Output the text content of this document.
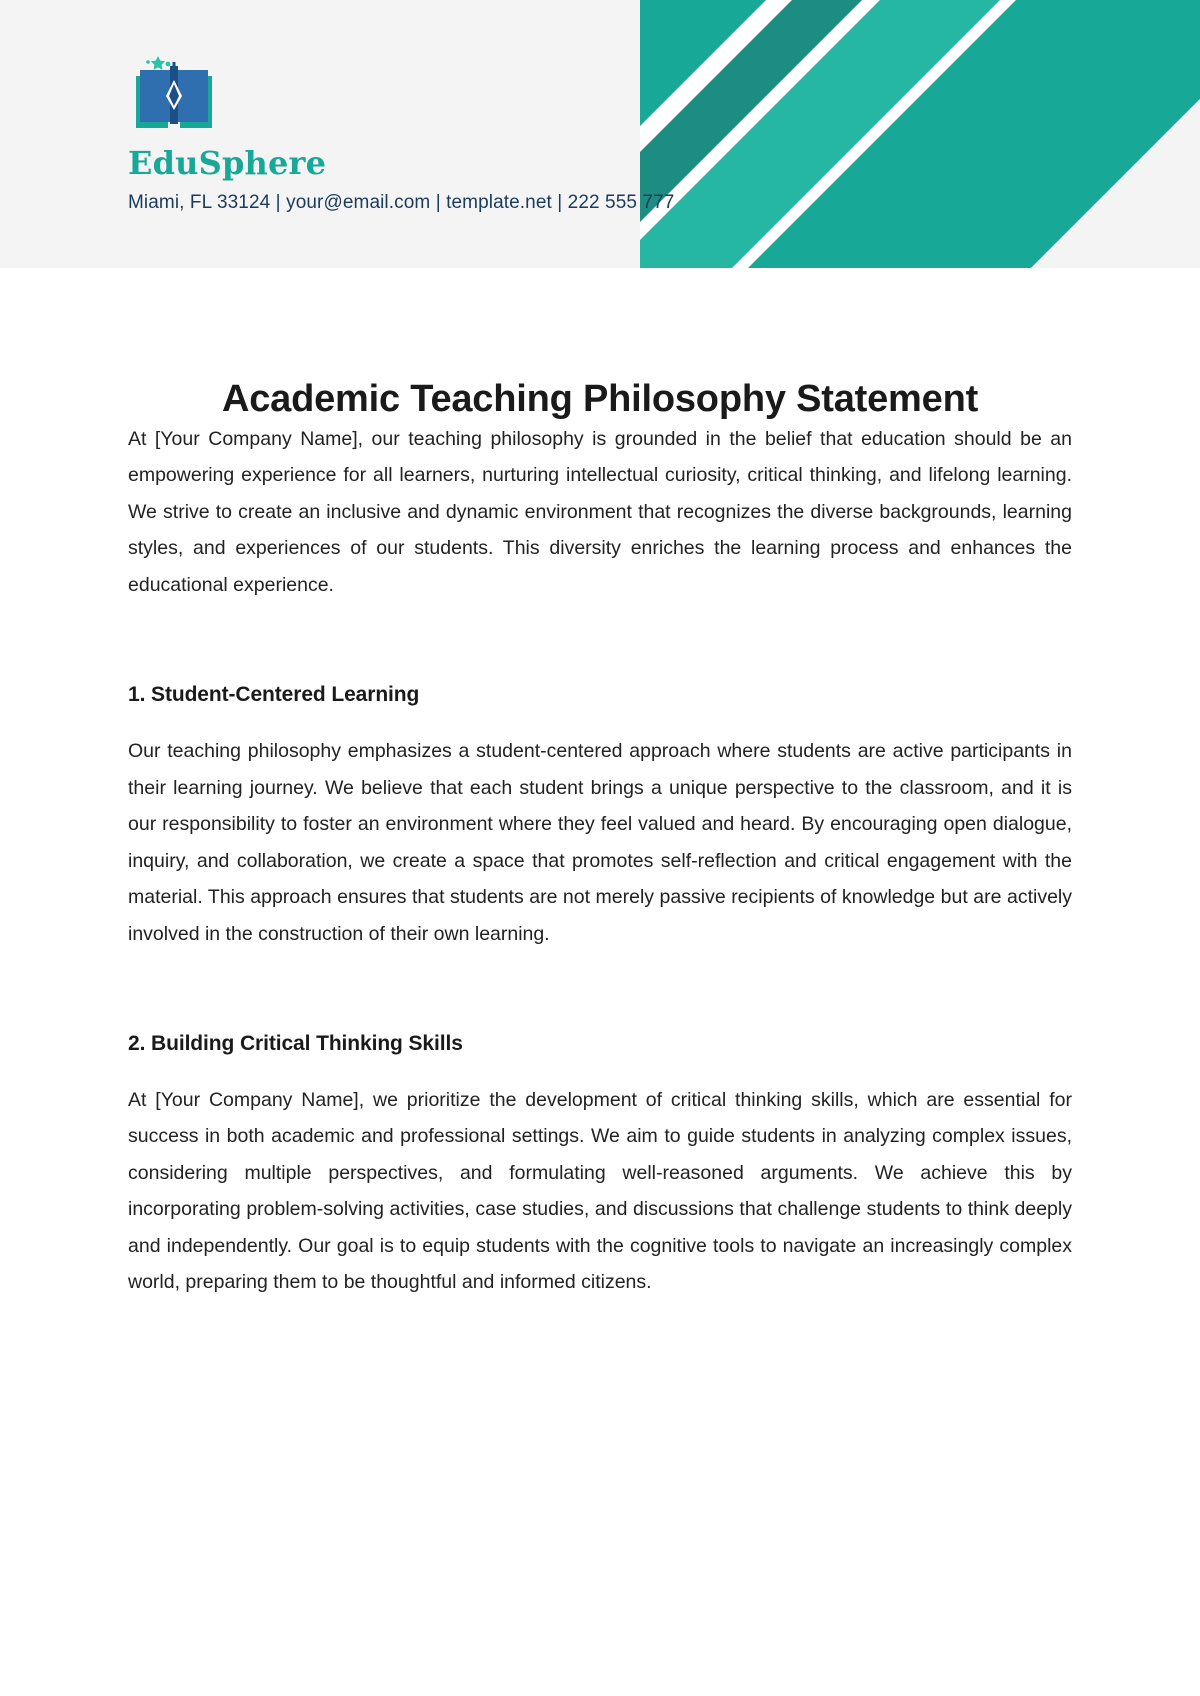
EduSphere
Miami, FL 33124 | your@email.com | template.net | 222 555 777
Academic Teaching Philosophy Statement

At [Your Company Name], our teaching philosophy is grounded in the belief that education should be an empowering experience for all learners, nurturing intellectual curiosity, critical thinking, and lifelong learning. We strive to create an inclusive and dynamic environment that recognizes the diverse backgrounds, learning styles, and experiences of our students. This diversity enriches the learning process and enhances the educational experience.

1. Student-Centered Learning

Our teaching philosophy emphasizes a student-centered approach where students are active participants in their learning journey. We believe that each student brings a unique perspective to the classroom, and it is our responsibility to foster an environment where they feel valued and heard. By encouraging open dialogue, inquiry, and collaboration, we create a space that promotes self-reflection and critical engagement with the material. This approach ensures that students are not merely passive recipients of knowledge but are actively involved in the construction of their own learning.

2. Building Critical Thinking Skills

At [Your Company Name], we prioritize the development of critical thinking skills, which are essential for success in both academic and professional settings. We aim to guide students in analyzing complex issues, considering multiple perspectives, and formulating well-reasoned arguments. We achieve this by incorporating problem-solving activities, case studies, and discussions that challenge students to think deeply and independently. Our goal is to equip students with the cognitive tools to navigate an increasingly complex world, preparing them to be thoughtful and informed citizens.
